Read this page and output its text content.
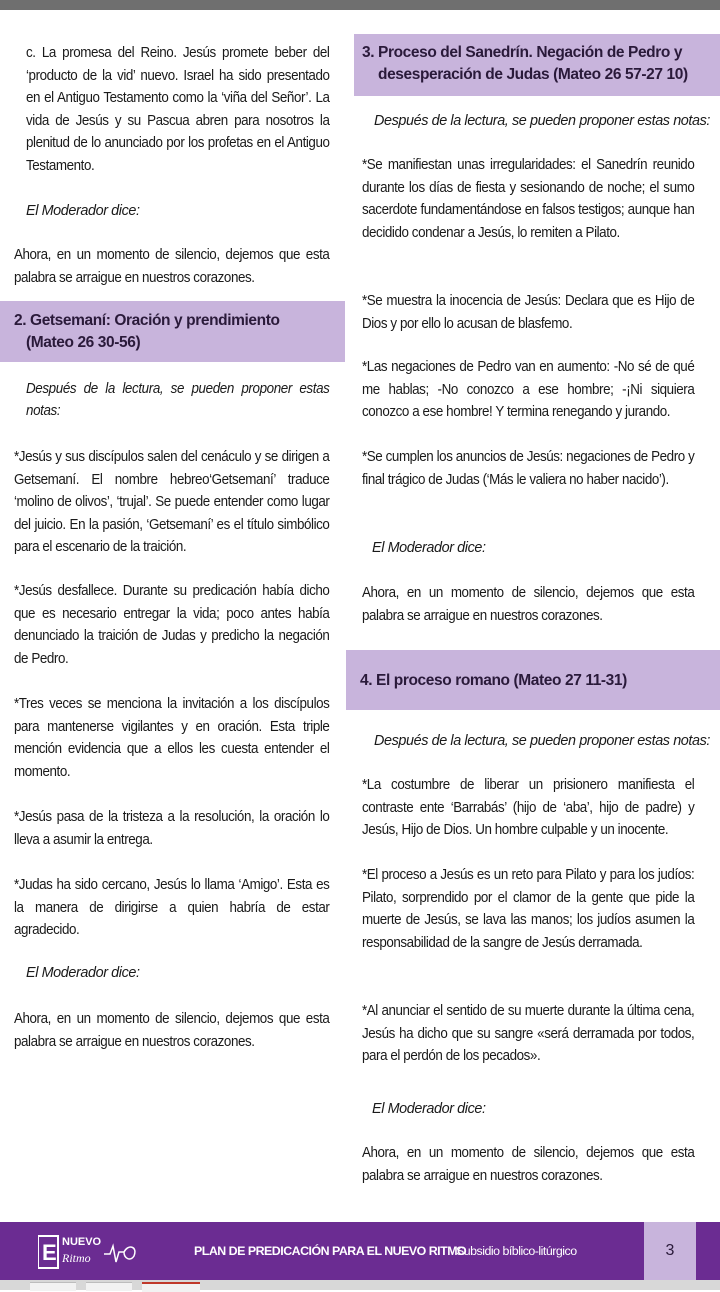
c. La promesa del Reino. Jesús promete beber del ‘producto de la vid’ nuevo. Israel ha sido presentado en el Antiguo Testamento como la ‘viña del Señor’. La vida de Jesús y su Pascua abren para nosotros la plenitud de lo anunciado por los profetas en el Antiguo Testamento.

El Moderador dice:

Ahora, en un momento de silencio, dejemos que esta palabra se arraigue en nuestros corazones.

2. Getsemaní: Oración y prendimiento
(Mateo 26 30-56)

Después de la lectura, se pueden proponer estas notas:

*Jesús y sus discípulos salen del cenáculo y se dirigen a Getsemaní. El nombre hebreo‘Getsemaní’ traduce ‘molino de olivos’, ‘trujal’. Se puede entender como lugar del juicio. En la pasión, ‘Getsemaní’ es el título simbólico para el escenario de la traición.

*Jesús desfallece. Durante su predicación había dicho que es necesario entregar la vida; poco antes había denunciado la traición de Judas y predicho la negación de Pedro.

*Tres veces se menciona la invitación a los discípulos para mantenerse vigilantes y en oración. Esta triple mención evidencia que a ellos les cuesta entender el momento.

*Jesús pasa de la tristeza a la resolución, la oración lo lleva a asumir la entrega.

*Judas ha sido cercano, Jesús lo llama ‘Amigo’. Esta es la manera de dirigirse a quien habría de estar agradecido.

El Moderador dice:

Ahora, en un momento de silencio, dejemos que esta palabra se arraigue en nuestros corazones.

3. Proceso del Sanedrín. Negación de Pedro y
desesperación de Judas (Mateo 26 57-27 10)

Después de la lectura, se pueden proponer estas notas:

*Se manifiestan unas irregularidades: el Sanedrín reunido durante los días de fiesta y sesionando de noche; el sumo sacerdote fundamentándose en falsos testigos; aunque han decidido condenar a Jesús, lo remiten a Pilato.

*Se muestra la inocencia de Jesús: Declara que es Hijo de Dios y por ello lo acusan de blasfemo.

*Las negaciones de Pedro van en aumento: -No sé de qué me hablas; -No conozco a ese hombre; -¡Ni siquiera conozco a ese hombre! Y termina renegando y jurando.

*Se cumplen los anuncios de Jesús: negaciones de Pedro y final trágico de Judas (‘Más le valiera no haber nacido’).

El Moderador dice:

Ahora, en un momento de silencio, dejemos que esta palabra se arraigue en nuestros corazones.

4. El proceso romano (Mateo 27 11-31)

Después de la lectura, se pueden proponer estas notas:

*La costumbre de liberar un prisionero manifiesta el contraste ente ‘Barrabás’ (hijo de ‘aba’, hijo de padre) y Jesús, Hijo de Dios. Un hombre culpable y un inocente.

*El proceso a Jesús es un reto para Pilato y para los judíos: Pilato, sorprendido por el clamor de la gente que pide la muerte de Jesús, se lava las manos; los judíos asumen la responsabilidad de la sangre de Jesús derramada.

*Al anunciar el sentido de su muerte durante la última cena, Jesús ha dicho que su sangre «será derramada por todos, para el perdón de los pecados».

El Moderador dice:

Ahora, en un momento de silencio, dejemos que esta palabra se arraigue en nuestros corazones.

E NUEVO
Ritmo	PLAN DE PREDICACIÓN PARA EL NUEVO RITMO
Subsidio bíblico-litúrgico	3
